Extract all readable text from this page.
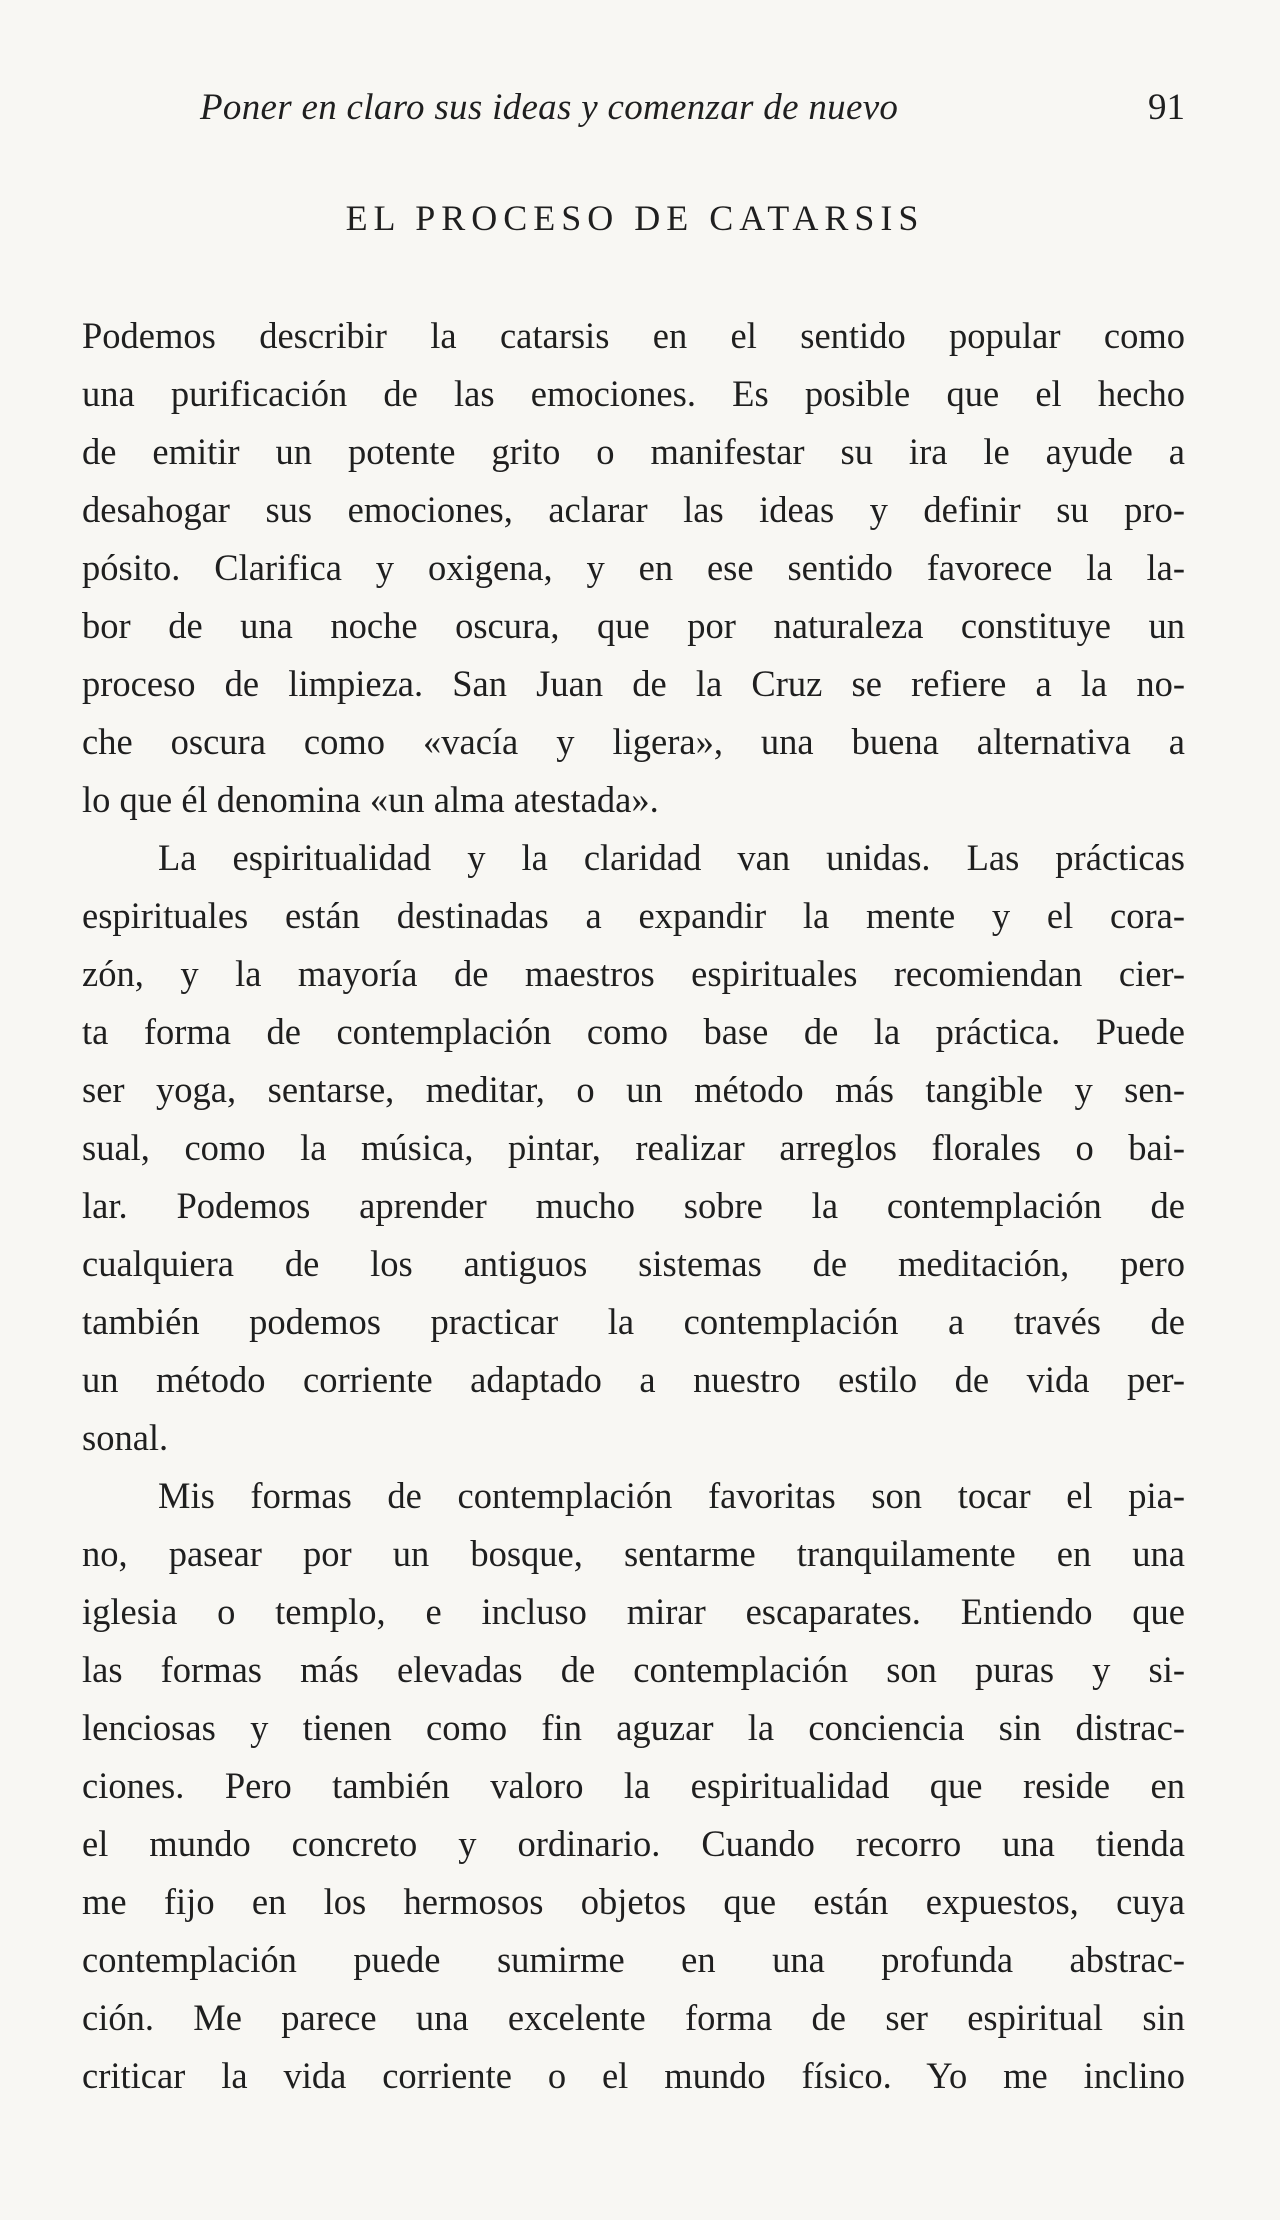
Poner en claro sus ideas y comenzar de nuevo	91
EL PROCESO DE CATARSIS
Podemos describir la catarsis en el sentido popular como
una purificación de las emociones. Es posible que el hecho
de emitir un potente grito o manifestar su ira le ayude a
desahogar sus emociones, aclarar las ideas y definir su pro-
pósito. Clarifica y oxigena, y en ese sentido favorece la la-
bor de una noche oscura, que por naturaleza constituye un
proceso de limpieza. San Juan de la Cruz se refiere a la no-
che oscura como «vacía y ligera», una buena alternativa a
lo que él denomina «un alma atestada».
La espiritualidad y la claridad van unidas. Las prácticas
espirituales están destinadas a expandir la mente y el cora-
zón, y la mayoría de maestros espirituales recomiendan cier-
ta forma de contemplación como base de la práctica. Puede
ser yoga, sentarse, meditar, o un método más tangible y sen-
sual, como la música, pintar, realizar arreglos florales o bai-
lar. Podemos aprender mucho sobre la contemplación de
cualquiera de los antiguos sistemas de meditación, pero
también podemos practicar la contemplación a través de
un método corriente adaptado a nuestro estilo de vida per-
sonal.
Mis formas de contemplación favoritas son tocar el pia-
no, pasear por un bosque, sentarme tranquilamente en una
iglesia o templo, e incluso mirar escaparates. Entiendo que
las formas más elevadas de contemplación son puras y si-
lenciosas y tienen como fin aguzar la conciencia sin distrac-
ciones. Pero también valoro la espiritualidad que reside en
el mundo concreto y ordinario. Cuando recorro una tienda
me fijo en los hermosos objetos que están expuestos, cuya
contemplación puede sumirme en una profunda abstrac-
ción. Me parece una excelente forma de ser espiritual sin
criticar la vida corriente o el mundo físico. Yo me inclino
